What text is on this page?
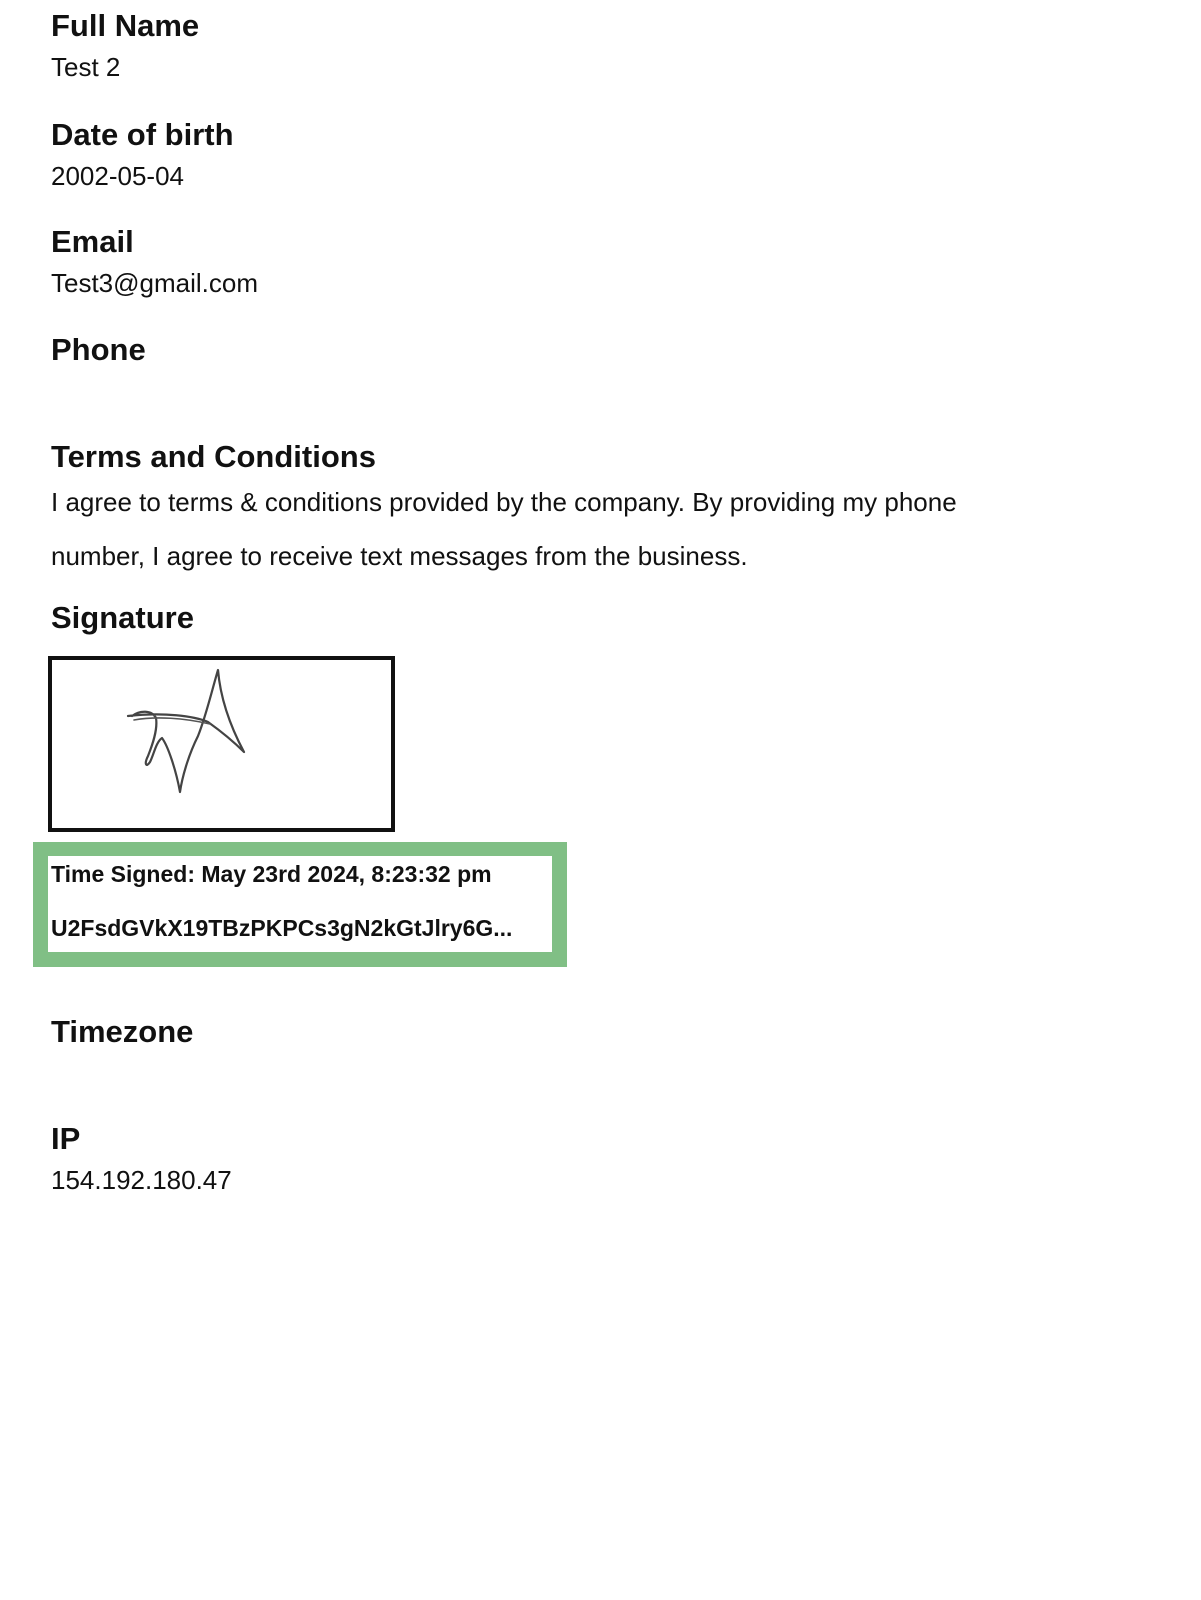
Full Name
Test 2
Date of birth
2002-05-04
Email
Test3@gmail.com
Phone
Terms and Conditions
I agree to terms & conditions provided by the company. By providing my phone number, I agree to receive text messages from the business.
Signature
Time Signed: May 23rd 2024, 8:23:32 pm
U2FsdGVkX19TBzPKPCs3gN2kGtJlry6G...
Timezone
IP
154.192.180.47
